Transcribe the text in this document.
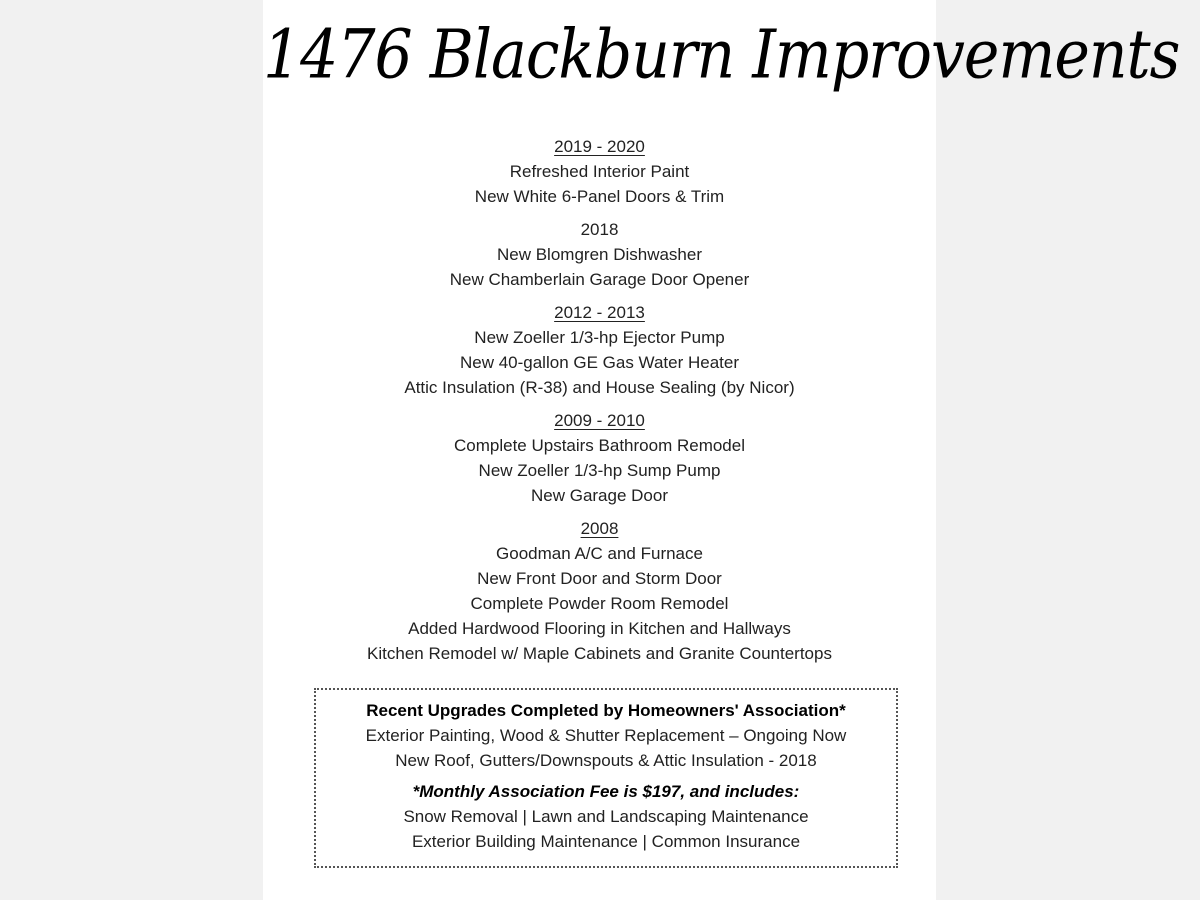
1476 Blackburn Improvements
2019 - 2020
Refreshed Interior Paint
New White 6-Panel Doors & Trim
2018
New Blomgren Dishwasher
New Chamberlain Garage Door Opener
2012 - 2013
New Zoeller 1/3-hp Ejector Pump
New 40-gallon GE Gas Water Heater
Attic Insulation (R-38) and House Sealing (by Nicor)
2009 - 2010
Complete Upstairs Bathroom Remodel
New Zoeller 1/3-hp Sump Pump
New Garage Door
2008
Goodman A/C and Furnace
New Front Door and Storm Door
Complete Powder Room Remodel
Added Hardwood Flooring in Kitchen and Hallways
Kitchen Remodel w/ Maple Cabinets and Granite Countertops
Recent Upgrades Completed by Homeowners' Association*
Exterior Painting, Wood & Shutter Replacement – Ongoing Now
New Roof, Gutters/Downspouts & Attic Insulation - 2018
*Monthly Association Fee is $197, and includes:
Snow Removal | Lawn and Landscaping Maintenance
Exterior Building Maintenance | Common Insurance
